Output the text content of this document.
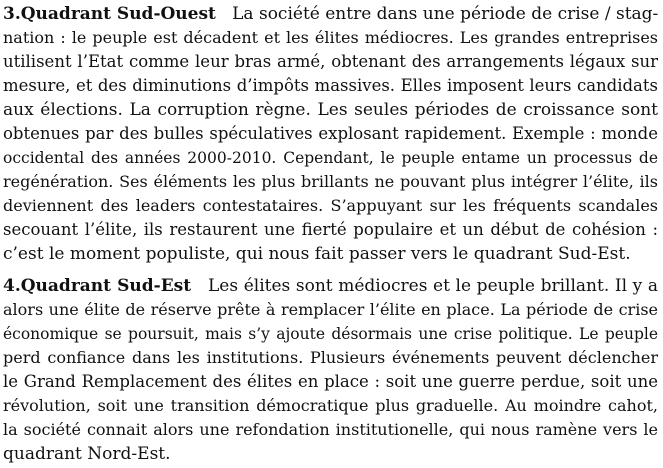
3.Quadrant Sud-Ouest La société entre dans une période de crise / stag-
nation : le peuple est décadent et les élites médiocres. Les grandes entreprises
utilisent l’Etat comme leur bras armé, obtenant des arrangements légaux sur
mesure, et des diminutions d’impôts massives. Elles imposent leurs candidats
aux élections. La corruption règne. Les seules périodes de croissance sont
obtenues par des bulles spéculatives explosant rapidement. Exemple : monde
occidental des années 2000-2010. Cependant, le peuple entame un processus de
regénération. Ses éléments les plus brillants ne pouvant plus intégrer l’élite, ils
deviennent des leaders contestataires. S’appuyant sur les fréquents scandales
secouant l’élite, ils restaurent une fierté populaire et un début de cohésion :
c’est le moment populiste, qui nous fait passer vers le quadrant Sud-Est.
4.Quadrant Sud-Est Les élites sont médiocres et le peuple brillant. Il y a
alors une élite de réserve prête à remplacer l’élite en place. La période de crise
économique se poursuit, mais s’y ajoute désormais une crise politique. Le peuple
perd confiance dans les institutions. Plusieurs événements peuvent déclencher
le Grand Remplacement des élites en place : soit une guerre perdue, soit une
révolution, soit une transition démocratique plus graduelle. Au moindre cahot,
la société connait alors une refondation institutionelle, qui nous ramène vers le
quadrant Nord-Est.
